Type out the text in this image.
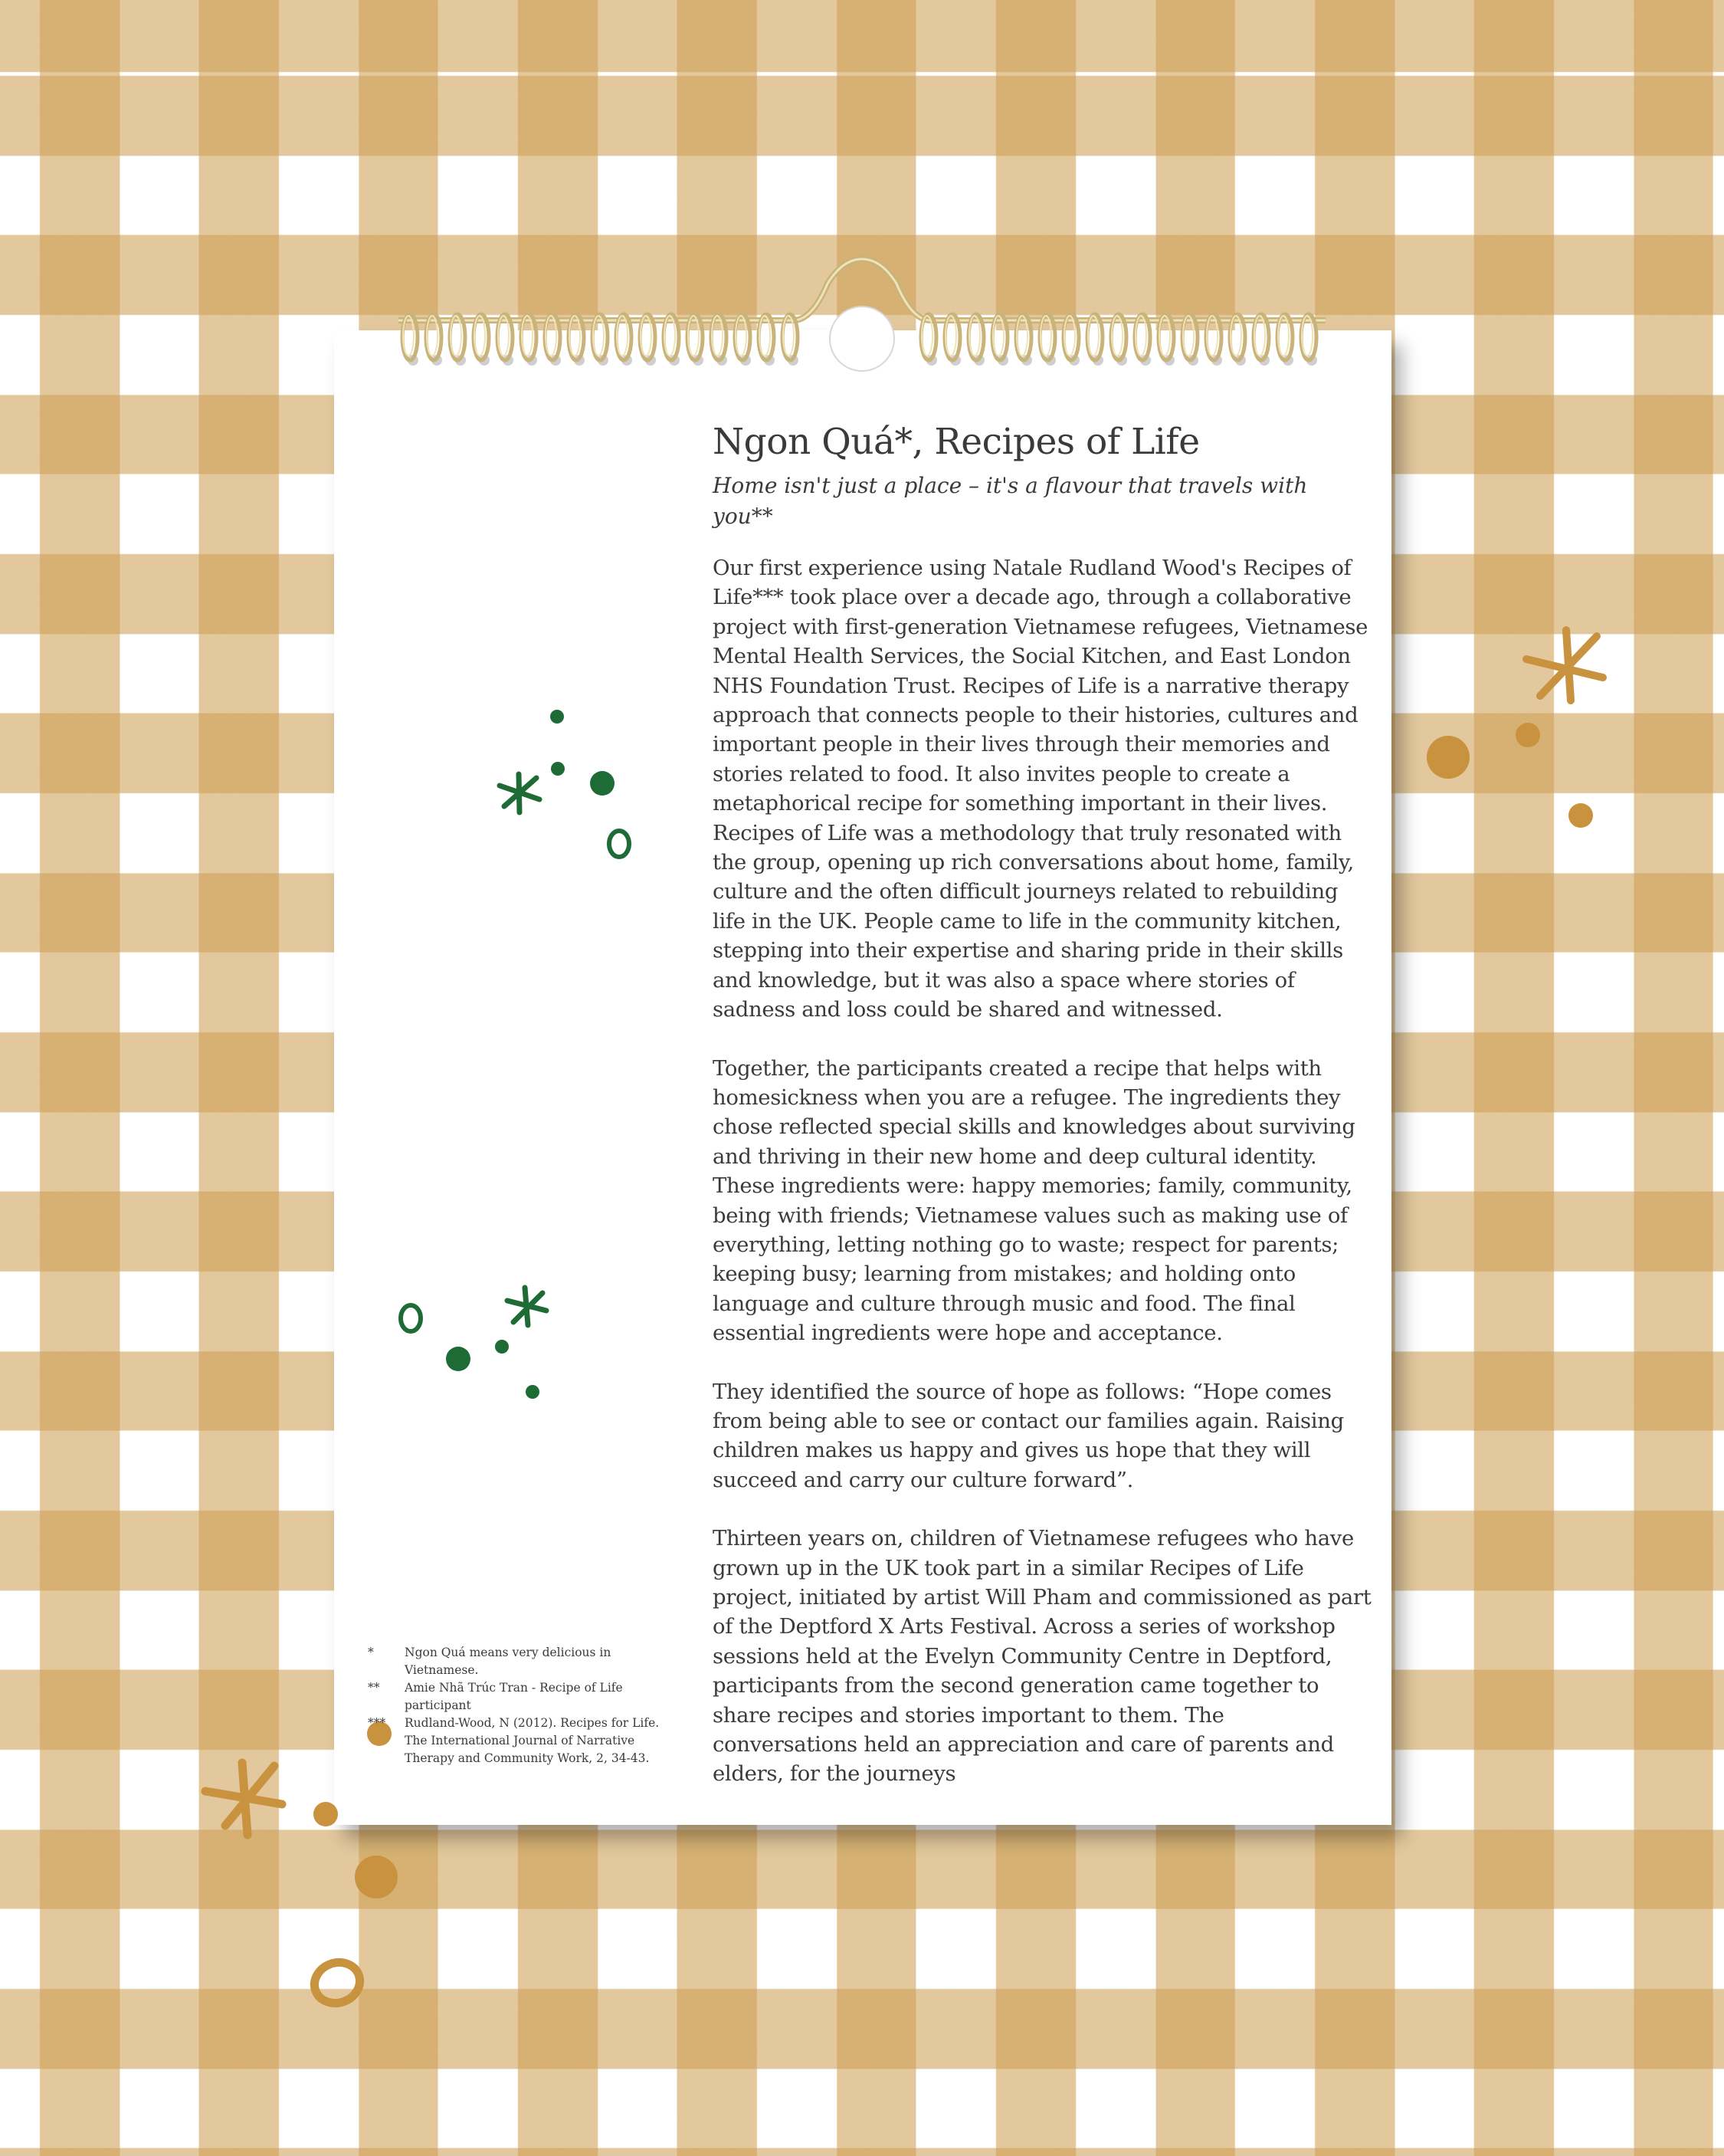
Ngon Quá*, Recipes of Life

Home isn't just a place – it's a flavour that travels with you**

Our first experience using Natale Rudland Wood's Recipes of Life*** took place over a decade ago, through a collaborative project with first-generation Vietnamese refugees, Vietnamese Mental Health Services, the Social Kitchen, and East London NHS Foundation Trust. Recipes of Life is a narrative therapy approach that connects people to their histories, cultures and important people in their lives through their memories and stories related to food. It also invites people to create a metaphorical recipe for something important in their lives. Recipes of Life was a methodology that truly resonated with the group, opening up rich conversations about home, family, culture and the often difficult journeys related to rebuilding life in the UK. People came to life in the community kitchen, stepping into their expertise and sharing pride in their skills and knowledge, but it was also a space where stories of sadness and loss could be shared and witnessed.

Together, the participants created a recipe that helps with homesickness when you are a refugee. The ingredients they chose reflected special skills and knowledges about surviving and thriving in their new home and deep cultural identity. These ingredients were: happy memories; family, community, being with friends; Vietnamese values such as making use of everything, letting nothing go to waste; respect for parents; keeping busy; learning from mistakes; and holding onto language and culture through music and food. The final essential ingredients were hope and acceptance.

They identified the source of hope as follows: “Hope comes from being able to see or contact our families again. Raising children makes us happy and gives us hope that they will succeed and carry our culture forward”.

Thirteen years on, children of Vietnamese refugees who have grown up in the UK took part in a similar Recipes of Life project, initiated by artist Will Pham and commissioned as part of the Deptford X Arts Festival. Across a series of workshop sessions held at the Evelyn Community Centre in Deptford, participants from the second generation came together to share recipes and stories important to them. The conversations held an appreciation and care of parents and elders, for the journeys

*	Ngon Quá means very delicious in Vietnamese.
**	Amie Nhã Trúc Tran - Recipe of Life participant
***	Rudland-Wood, N (2012). Recipes for Life. The International Journal of Narrative Therapy and Community Work, 2, 34-43.
